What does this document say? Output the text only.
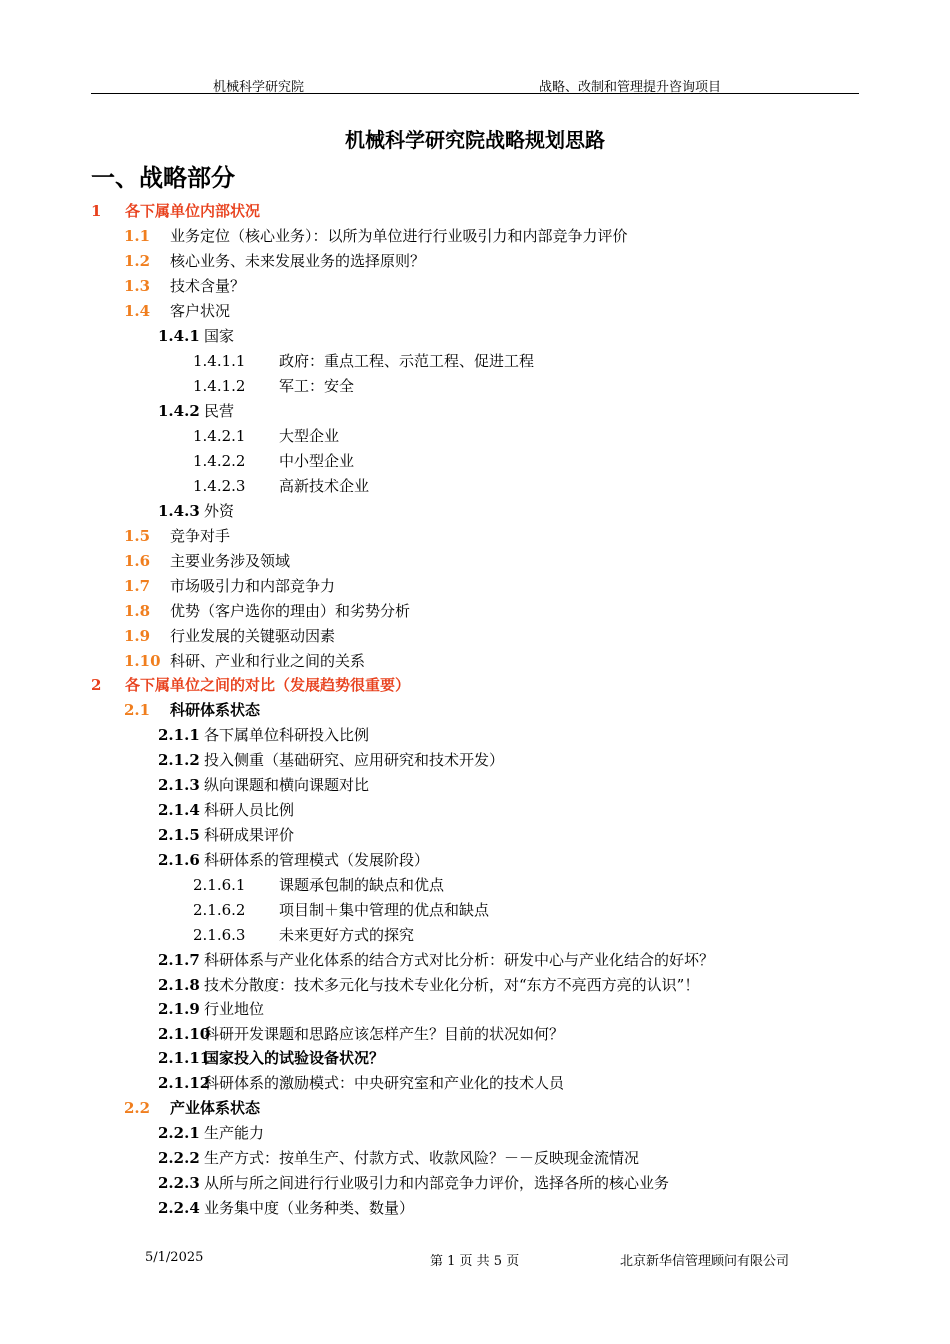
机械科学研究院	战略、改制和管理提升咨询项目
机械科学研究院战略规划思路
一、战略部分
1 各下属单位内部状况
1.1 业务定位（核心业务）：以所为单位进行行业吸引力和内部竞争力评价
1.2 核心业务、未来发展业务的选择原则？
1.3 技术含量？
1.4 客户状况
1.4.1 国家
1.4.1.1 政府：重点工程、示范工程、促进工程
1.4.1.2 军工：安全
1.4.2 民营
1.4.2.1 大型企业
1.4.2.2 中小型企业
1.4.2.3 高新技术企业
1.4.3 外资
1.5 竞争对手
1.6 主要业务涉及领域
1.7 市场吸引力和内部竞争力
1.8 优势（客户选你的理由）和劣势分析
1.9 行业发展的关键驱动因素
1.10 科研、产业和行业之间的关系
2 各下属单位之间的对比（发展趋势很重要）
2.1 科研体系状态
2.1.1 各下属单位科研投入比例
2.1.2 投入侧重（基础研究、应用研究和技术开发）
2.1.3 纵向课题和横向课题对比
2.1.4 科研人员比例
2.1.5 科研成果评价
2.1.6 科研体系的管理模式（发展阶段）
2.1.6.1 课题承包制的缺点和优点
2.1.6.2 项目制＋集中管理的优点和缺点
2.1.6.3 未来更好方式的探究
2.1.7 科研体系与产业化体系的结合方式对比分析：研发中心与产业化结合的好坏？
2.1.8 技术分散度：技术多元化与技术专业化分析，对“东方不亮西方亮的认识”！
2.1.9 行业地位
2.1.10科研开发课题和思路应该怎样产生？目前的状况如何？
2.1.11国家投入的试验设备状况？
2.1.12科研体系的激励模式：中央研究室和产业化的技术人员
2.2 产业体系状态
2.2.1 生产能力
2.2.2 生产方式：按单生产、付款方式、收款风险？－－反映现金流情况
2.2.3 从所与所之间进行行业吸引力和内部竞争力评价，选择各所的核心业务
2.2.4 业务集中度（业务种类、数量）
5/1/2025	第 1 页 共 5 页	北京新华信管理顾问有限公司
